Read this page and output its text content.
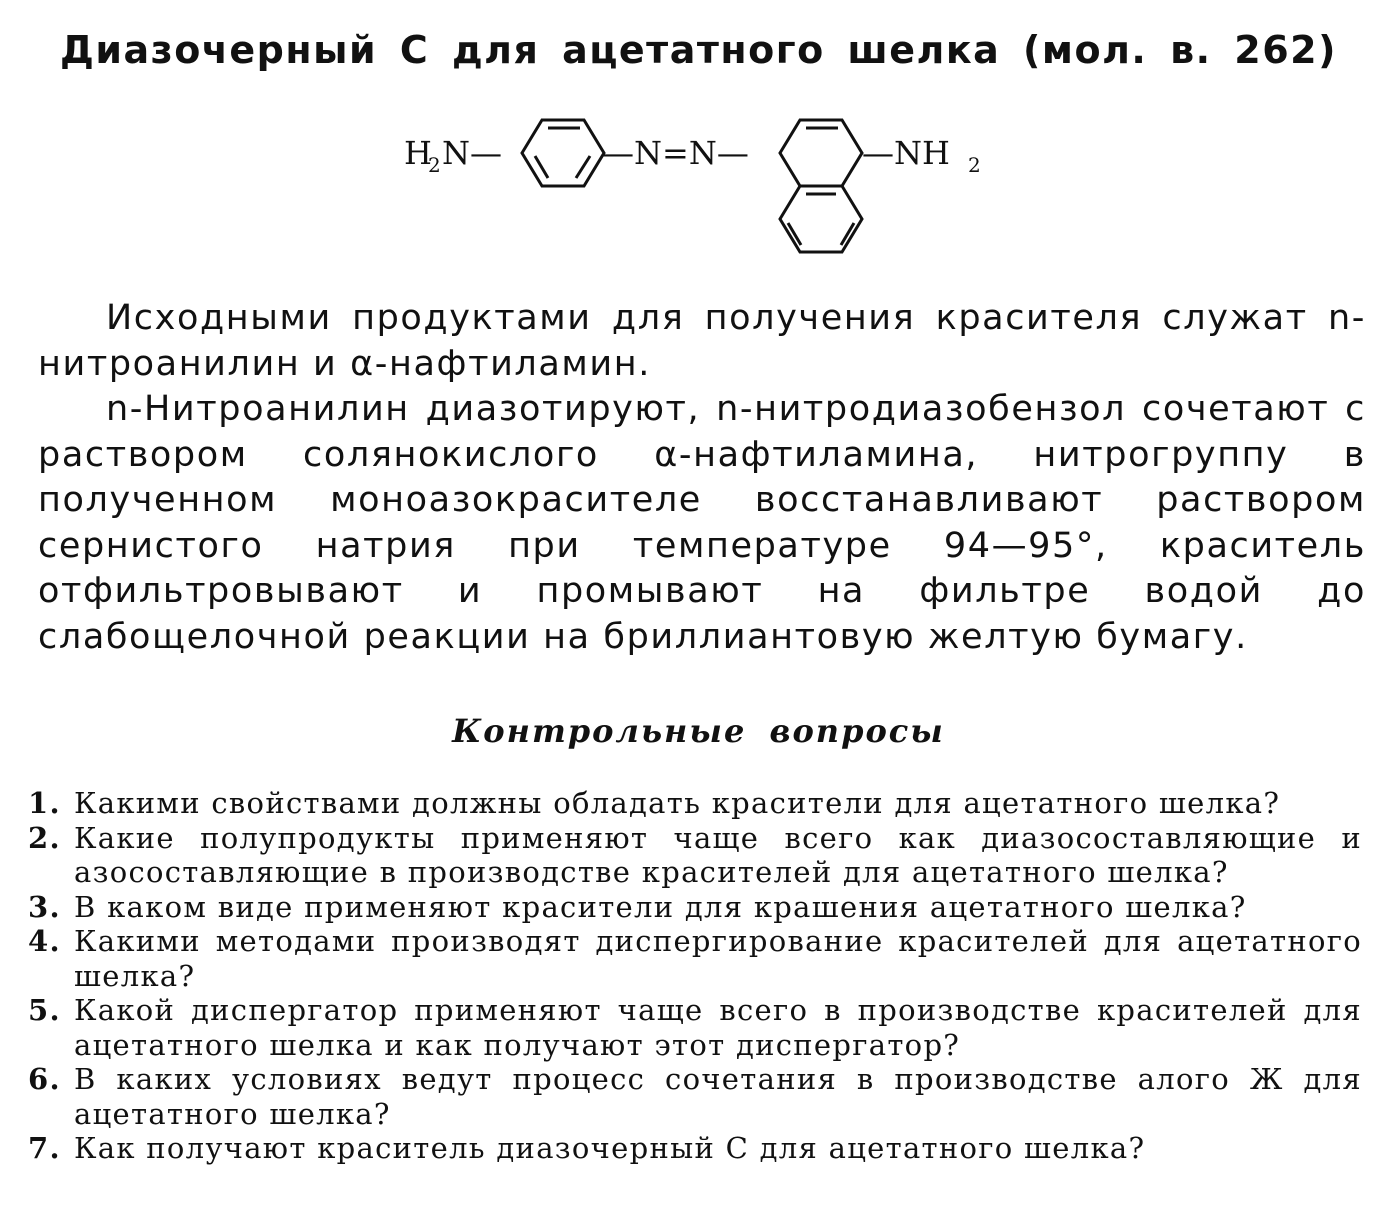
Диазочерный С для ацетатного шелка (мол. в. 262)
H
2 N—	—N=N—	—NH 2

Исходными продуктами для получения красителя служат n-нитроанилин и α-нафтиламин.

n-Нитроанилин диазотируют, n-нитродиазобензол сочетают с раствором солянокислого α-нафтиламина, нитрогруппу в полученном моноазокрасителе восстанавливают раствором сернистого натрия при температуре 94—95°, краситель отфильтровывают и промывают на фильтре водой до слабощелочной реакции на бриллиантовую желтую бумагу.

Контрольные вопросы
1. Какими свойствами должны обладать красители для ацетатного шелка?
2. Какие полупродукты применяют чаще всего как диазосоставляющие и азосоставляющие в производстве красителей для ацетатного шелка?
3. В каком виде применяют красители для крашения ацетатного шелка?
4. Какими методами производят диспергирование красителей для ацетатного шелка?
5. Какой диспергатор применяют чаще всего в производстве красителей для ацетатного шелка и как получают этот диспергатор?
6. В каких условиях ведут процесс сочетания в производстве алого Ж для ацетатного шелка?
7. Как получают краситель диазочерный С для ацетатного шелка?
